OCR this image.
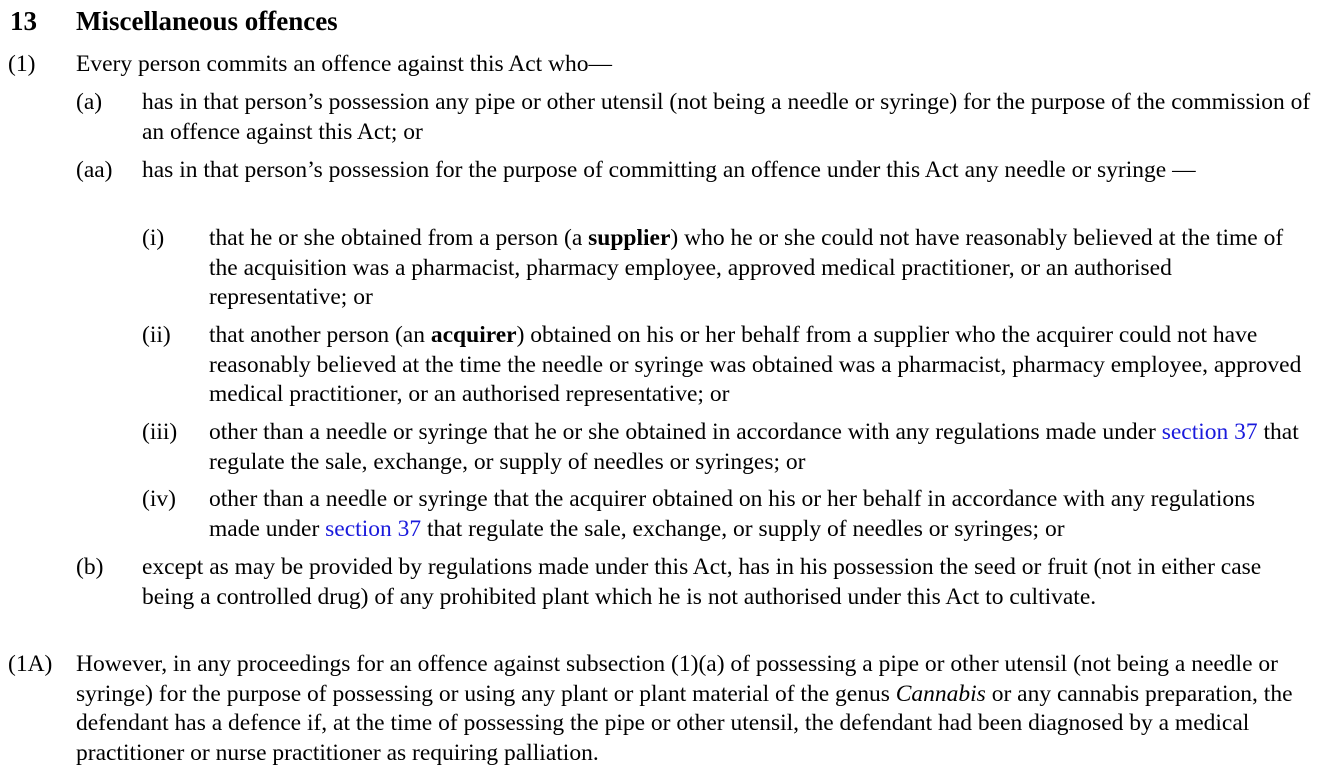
13	Miscellaneous offences
(1) Every person commits an offence against this Act who—

(a) has in that person’s possession any pipe or other utensil (not being a needle or syringe) for the purpose of the commission of an offence against this Act; or

(aa) has in that person’s possession for the purpose of committing an offence under this Act any needle or syringe —

(i) that he or she obtained from a person (a supplier) who he or she could not have reasonably believed at the time of the acquisition was a pharmacist, pharmacy employee, approved medical practitioner, or an authorised representative; or

(ii) that another person (an acquirer) obtained on his or her behalf from a supplier who the acquirer could not have reasonably believed at the time the needle or syringe was obtained was a pharmacist, pharmacy employee, approved medical practitioner, or an authorised representative; or

(iii) other than a needle or syringe that he or she obtained in accordance with any regulations made under section 37 that regulate the sale, exchange, or supply of needles or syringes; or

(iv) other than a needle or syringe that the acquirer obtained on his or her behalf in accordance with any regulations made under section 37 that regulate the sale, exchange, or supply of needles or syringes; or

(b) except as may be provided by regulations made under this Act, has in his possession the seed or fruit (not in either case being a controlled drug) of any prohibited plant which he is not authorised under this Act to cultivate.

(1A) However, in any proceedings for an offence against subsection (1)(a) of possessing a pipe or other utensil (not being a needle or syringe) for the purpose of possessing or using any plant or plant material of the genus Cannabis or any cannabis preparation, the defendant has a defence if, at the time of possessing the pipe or other utensil, the defendant had been diagnosed by a medical practitioner or nurse practitioner as requiring palliation.
